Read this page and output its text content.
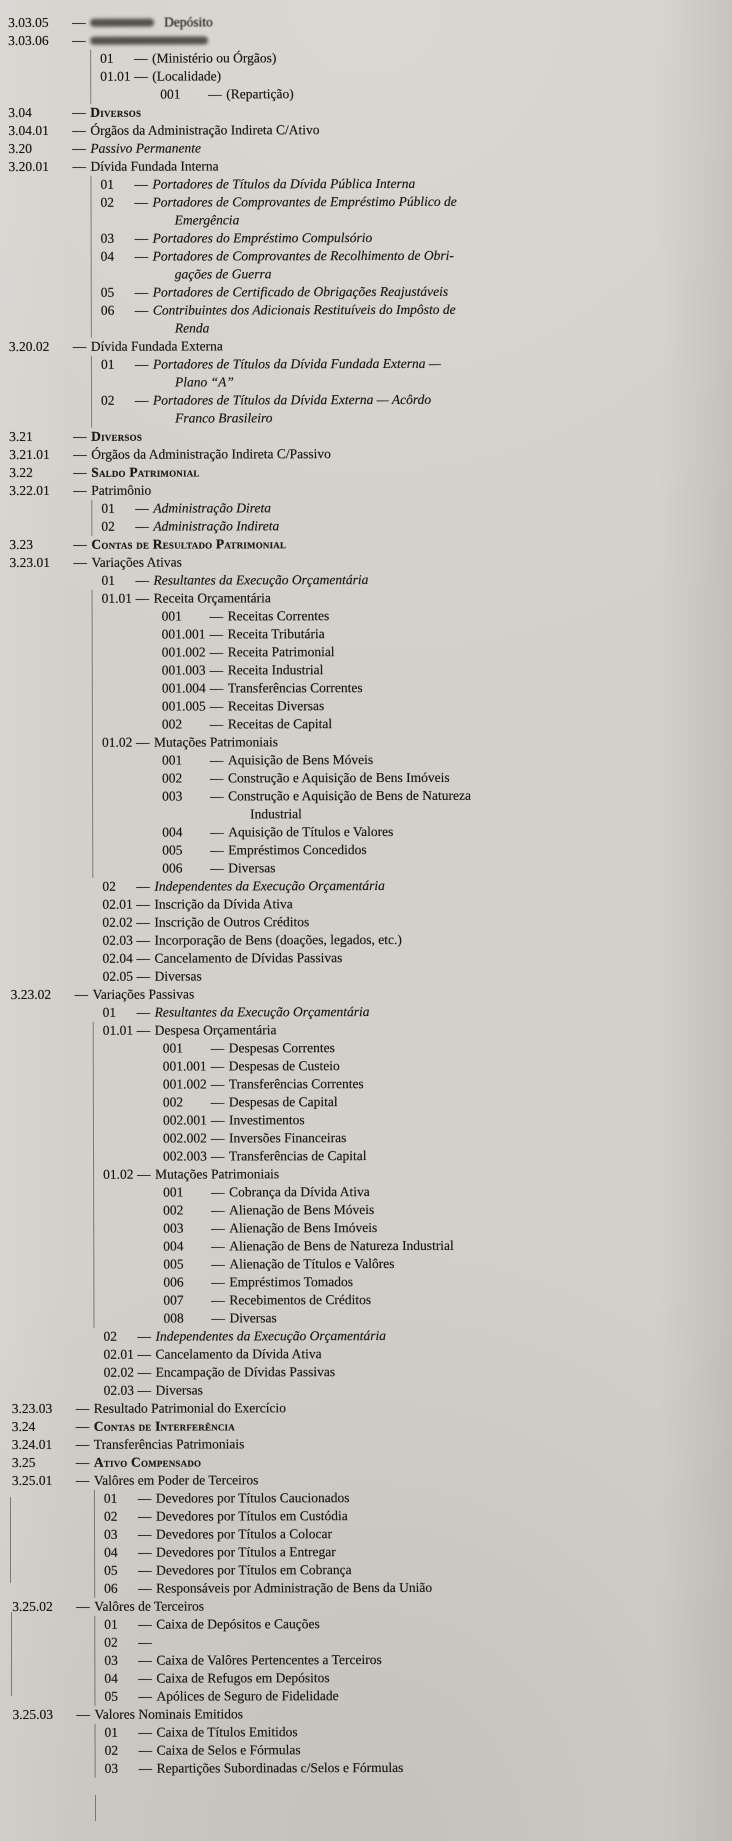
3.03.05 —	Depósito
3.03.06 —
01 — (Ministério ou Órgãos)
01.01 — (Localidade)
001 — (Repartição)
3.04	— Diversos
3.04.01 — Órgãos da Administração Indireta C/Ativo
3.20	— Passivo Permanente
3.20.01 — Dívida Fundada Interna
01 — Portadores de Títulos da Dívida Pública Interna
02 — Portadores de Comprovantes de Empréstimo Público de
Emergência
03 — Portadores do Empréstimo Compulsório
04 — Portadores de Comprovantes de Recolhimento de Obri-
gações de Guerra
05 — Portadores de Certificado de Obrigações Reajustáveis
06 — Contribuintes dos Adicionais Restituíveis do Impôsto de
Renda
3.20.02 — Dívida Fundada Externa
01 — Portadores de Títulos da Dívida Fundada Externa —
Plano “A”
02 — Portadores de Títulos da Dívida Externa — Acôrdo
Franco Brasileiro
3.21	— Diversos
3.21.01 — Órgãos da Administração Indireta C/Passivo
3.22	— Saldo Patrimonial
3.22.01 — Patrimônio
01 — Administração Direta
02 — Administração Indireta
3.23	— Contas de Resultado Patrimonial
3.23.01 — Variações Ativas
01 — Resultantes da Execução Orçamentária
01.01 — Receita Orçamentária
001 — Receitas Correntes
001.001 — Receita Tributária
001.002 — Receita Patrimonial
001.003 — Receita Industrial
001.004 — Transferências Correntes
001.005 — Receitas Diversas
002 — Receitas de Capital
01.02 — Mutações Patrimoniais
001 — Aquisição de Bens Móveis
002 — Construção e Aquisição de Bens Imóveis
003 — Construção e Aquisição de Bens de Natureza
Industrial
004 — Aquisição de Títulos e Valores
005 — Empréstimos Concedidos
006 — Diversas
02 — Independentes da Execução Orçamentária
02.01 — Inscrição da Dívida Ativa
02.02 — Inscrição de Outros Créditos
02.03 — Incorporação de Bens (doações, legados, etc.)
02.04 — Cancelamento de Dívidas Passivas
02.05 — Diversas
3.23.02 — Variações Passivas
01 — Resultantes da Execução Orçamentária
01.01 — Despesa Orçamentária
001 — Despesas Correntes
001.001 — Despesas de Custeio
001.002 — Transferências Correntes
002 — Despesas de Capital
002.001 — Investimentos
002.002 — Inversões Financeiras
002.003 — Transferências de Capital
01.02 — Mutações Patrimoniais
001 — Cobrança da Dívida Ativa
002 — Alienação de Bens Móveis
003 — Alienação de Bens Imóveis
004 — Alienação de Bens de Natureza Industrial
005 — Alienação de Títulos e Valôres
006 — Empréstimos Tomados
007 — Recebimentos de Créditos
008 — Diversas
02 — Independentes da Execução Orçamentária
02.01 — Cancelamento da Dívida Ativa
02.02 — Encampação de Dívidas Passivas
02.03 — Diversas
3.23.03 — Resultado Patrimonial do Exercício
3.24	— Contas de Interferência
3.24.01 — Transferências Patrimoniais
3.25	— Ativo Compensado
3.25.01 — Valôres em Poder de Terceiros
01 — Devedores por Títulos Caucionados
02 — Devedores por Títulos em Custódia
03 — Devedores por Títulos a Colocar
04 — Devedores por Títulos a Entregar
05 — Devedores por Títulos em Cobrança
06 — Responsáveis por Administração de Bens da União
3.25.02 — Valôres de Terceiros
01 — Caixa de Depósitos e Cauções
02 —
03 — Caixa de Valôres Pertencentes a Terceiros
04 — Caixa de Refugos em Depósitos
05 — Apólices de Seguro de Fidelidade
3.25.03 — Valores Nominais Emitidos
01 — Caixa de Títulos Emitidos
02 — Caixa de Selos e Fórmulas
03 — Repartições Subordinadas c/Selos e Fórmulas
